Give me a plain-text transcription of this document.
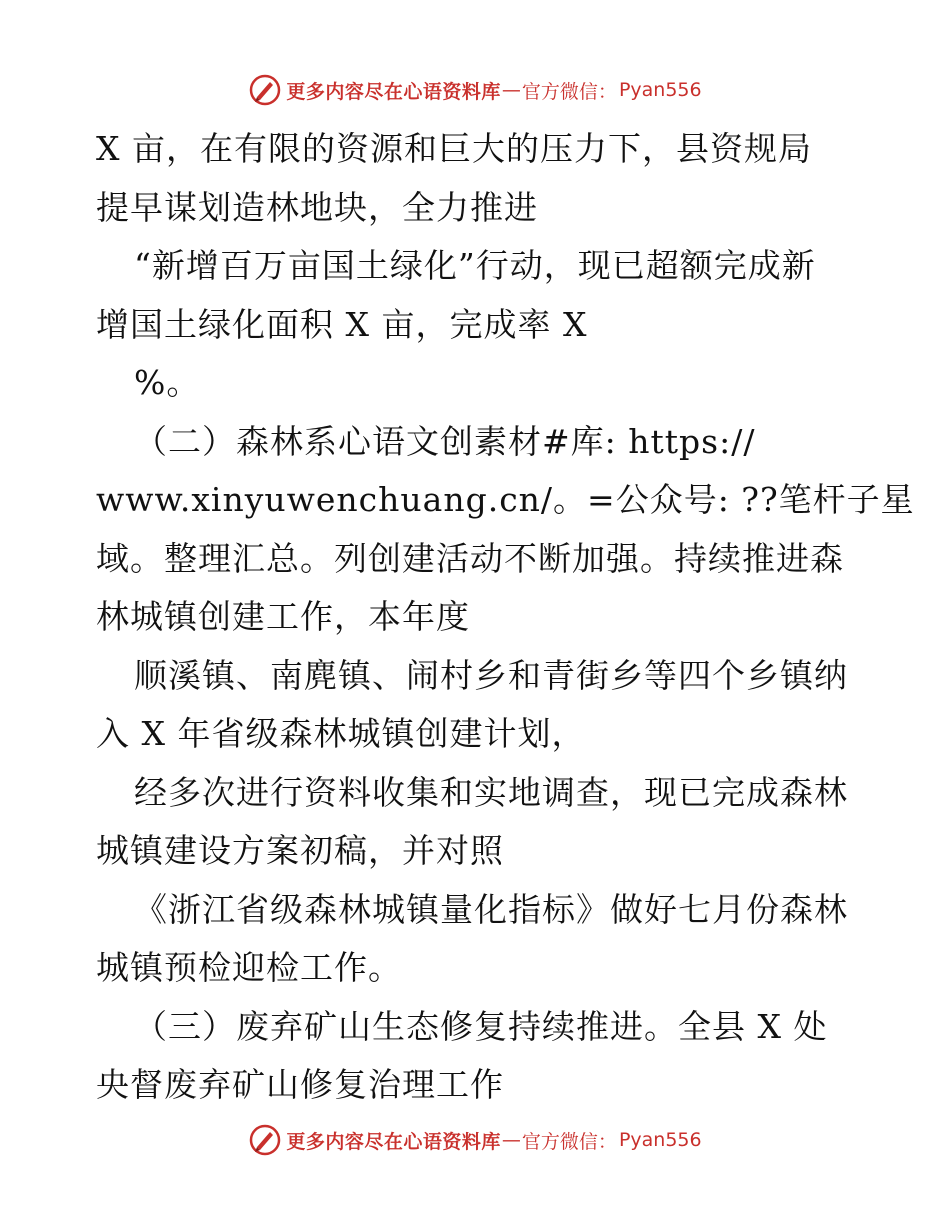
更多内容尽在心语资料库 — 官方微信： Pyan556
X 亩，在有限的资源和巨大的压力下，县资规局
提早谋划造林地块，全力推进
“新增百万亩国土绿化”行动，现已超额完成新
增国土绿化面积 X 亩，完成率 X
%。
（二）森林系心语文创素材#库: https://
www.xinyuwenchuang.cn/。=公众号: ??笔杆子星
域。整理汇总。列创建活动不断加强。持续推进森
林城镇创建工作，本年度
顺溪镇、南麂镇、闹村乡和青街乡等四个乡镇纳
入 X 年省级森林城镇创建计划，
经多次进行资料收集和实地调查，现已完成森林
城镇建设方案初稿，并对照
《浙江省级森林城镇量化指标》做好七月份森林
城镇预检迎检工作。
（三）废弃矿山生态修复持续推进。全县 X 处
央督废弃矿山修复治理工作
更多内容尽在心语资料库 — 官方微信： Pyan556
